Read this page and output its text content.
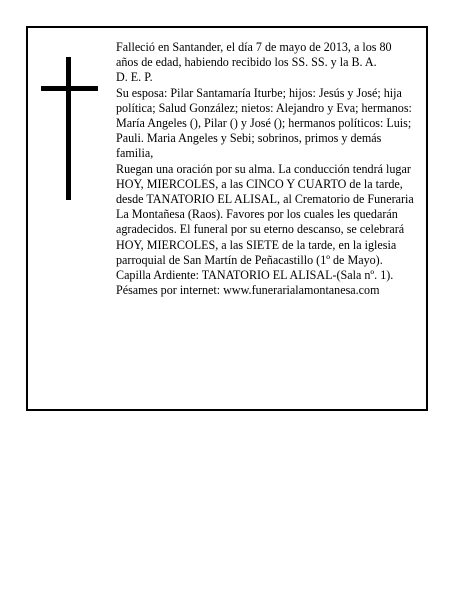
Falleció en Santander, el día 7 de mayo de 2013, a los 80 años de edad, habiendo recibido los SS. SS. y la B. A.

D. E. P.

Su esposa: Pilar Santamaría Iturbe; hijos: Jesús y José; hija política; Salud González; nietos: Alejandro y Eva; hermanos: María Angeles (), Pilar () y José (); hermanos políticos: Luis; Pauli. Maria Angeles y Sebi; sobrinos, primos y demás familia,

Ruegan una oración por su alma. La conducción tendrá lugar HOY, MIERCOLES, a las CINCO Y CUARTO de la tarde, desde TANATORIO EL ALISAL, al Crematorio de Funeraria La Montañesa (Raos). Favores por los cuales les quedarán agradecidos. El funeral por su eterno descanso, se celebrará HOY, MIERCOLES, a las SIETE de la tarde, en la iglesia parroquial de San Martín de Peñacastillo (1º de Mayo). Capilla Ardiente: TANATORIO EL ALISAL-(Sala nº. 1).

Pésames por internet: www.funerarialamontanesa.com
